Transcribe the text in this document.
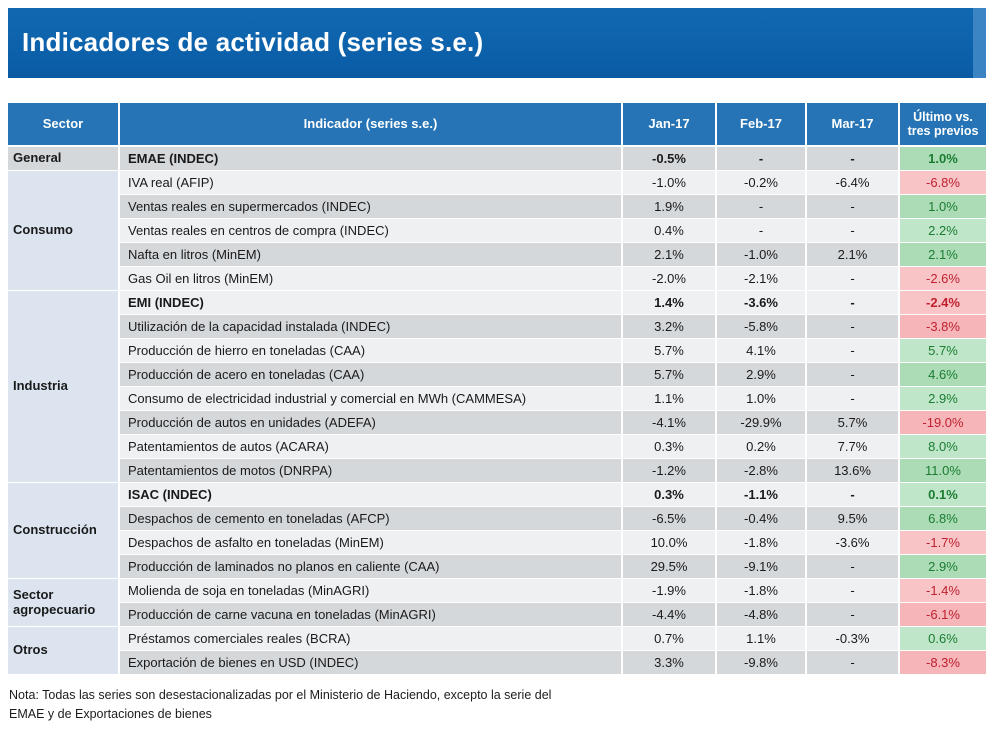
Indicadores de actividad (series s.e.)
Sector	Indicador (series s.e.)	Jan-17	Feb-17	Mar-17	Último vs. tres previos
General	EMAE (INDEC)	-0.5%	-	-	1.0%
Consumo	IVA real (AFIP)	-1.0%	-0.2%	-6.4%	-6.8%
	Ventas reales en supermercados (INDEC)	1.9%	-	-	1.0%
	Ventas reales en centros de compra (INDEC)	0.4%	-	-	2.2%
	Nafta en litros (MinEM)	2.1%	-1.0%	2.1%	2.1%
	Gas Oil en litros (MinEM)	-2.0%	-2.1%	-	-2.6%
Industria	EMI (INDEC)	1.4%	-3.6%	-	-2.4%
	Utilización de la capacidad instalada (INDEC)	3.2%	-5.8%	-	-3.8%
	Producción de hierro en toneladas (CAA)	5.7%	4.1%	-	5.7%
	Producción de acero en toneladas (CAA)	5.7%	2.9%	-	4.6%
	Consumo de electricidad industrial y comercial en MWh (CAMMESA)	1.1%	1.0%	-	2.9%
	Producción de autos en unidades (ADEFA)	-4.1%	-29.9%	5.7%	-19.0%
	Patentamientos de autos (ACARA)	0.3%	0.2%	7.7%	8.0%
	Patentamientos de motos (DNRPA)	-1.2%	-2.8%	13.6%	11.0%
Construcción	ISAC (INDEC)	0.3%	-1.1%	-	0.1%
	Despachos de cemento en toneladas (AFCP)	-6.5%	-0.4%	9.5%	6.8%
	Despachos de asfalto en toneladas (MinEM)	10.0%	-1.8%	-3.6%	-1.7%
	Producción de laminados no planos en caliente (CAA)	29.5%	-9.1%	-	2.9%
Sector agropecuario	Molienda de soja en toneladas (MinAGRI)	-1.9%	-1.8%	-	-1.4%
	Producción de carne vacuna en toneladas (MinAGRI)	-4.4%	-4.8%	-	-6.1%
Otros	Préstamos comerciales reales (BCRA)	0.7%	1.1%	-0.3%	0.6%
	Exportación de bienes en USD (INDEC)	3.3%	-9.8%	-	-8.3%
Nota: Todas las series son desestacionalizadas por el Ministerio de Haciendo, excepto la serie del
EMAE y de Exportaciones de bienes
